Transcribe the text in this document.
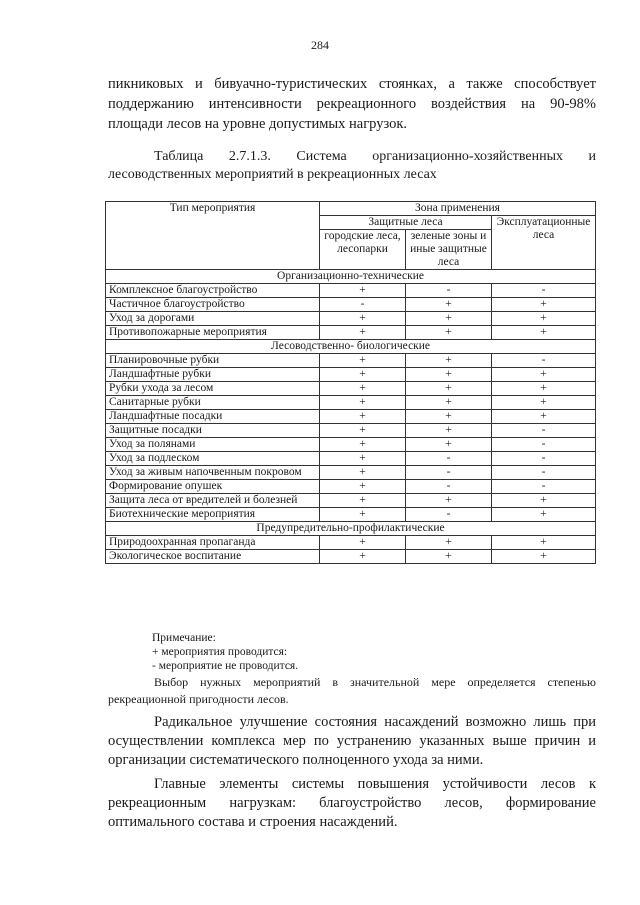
284

пикниковых и бивуачно-туристических стоянках, а также способствует поддержанию интенсивности рекреационного воздействия на 90-98% площади лесов на уровне допустимых нагрузок.

Таблица 2.7.1.3. Система организационно-хозяйственных и лесоводственных мероприятий в рекреационных лесах

Тип мероприятия	Зона применения		
	Защитные леса		Эксплуатационные леса
	городские леса, лесопарки	зеленые зоны и иные защитные леса	
Организационно-технические			
Комплексное благоустройство	+	-	-
Частичное благоустройство	-	+	+
Уход за дорогами	+	+	+
Противопожарные мероприятия	+	+	+
Лесоводственно- биологические			
Планировочные рубки	+	+	-
Ландшафтные рубки	+	+	+
Рубки ухода за лесом	+	+	+
Санитарные рубки	+	+	+
Ландшафтные посадки	+	+	+
Защитные посадки	+	+	-
Уход за полянами	+	+	-
Уход за подлеском	+	-	-
Уход за живым напочвенным покровом	+	-	-
Формирование опушек	+	-	-
Защита леса от вредителей и болезней	+	+	+
Биотехнические мероприятия	+	-	+
Предупредительно-профилактические			
Природоохранная пропаганда	+	+	+
Экологическое воспитание	+	+	+
Примечание:
+ мероприятия проводится:
- мероприятие не проводится.

Выбор нужных мероприятий в значительной мере определяется степенью рекреационной пригодности лесов.

Радикальное улучшение состояния насаждений возможно лишь при осуществлении комплекса мер по устранению указанных выше причин и организации систематического полноценного ухода за ними.

Главные элементы системы повышения устойчивости лесов к рекреационным нагрузкам: благоустройство лесов, формирование оптимального состава и строения насаждений.
